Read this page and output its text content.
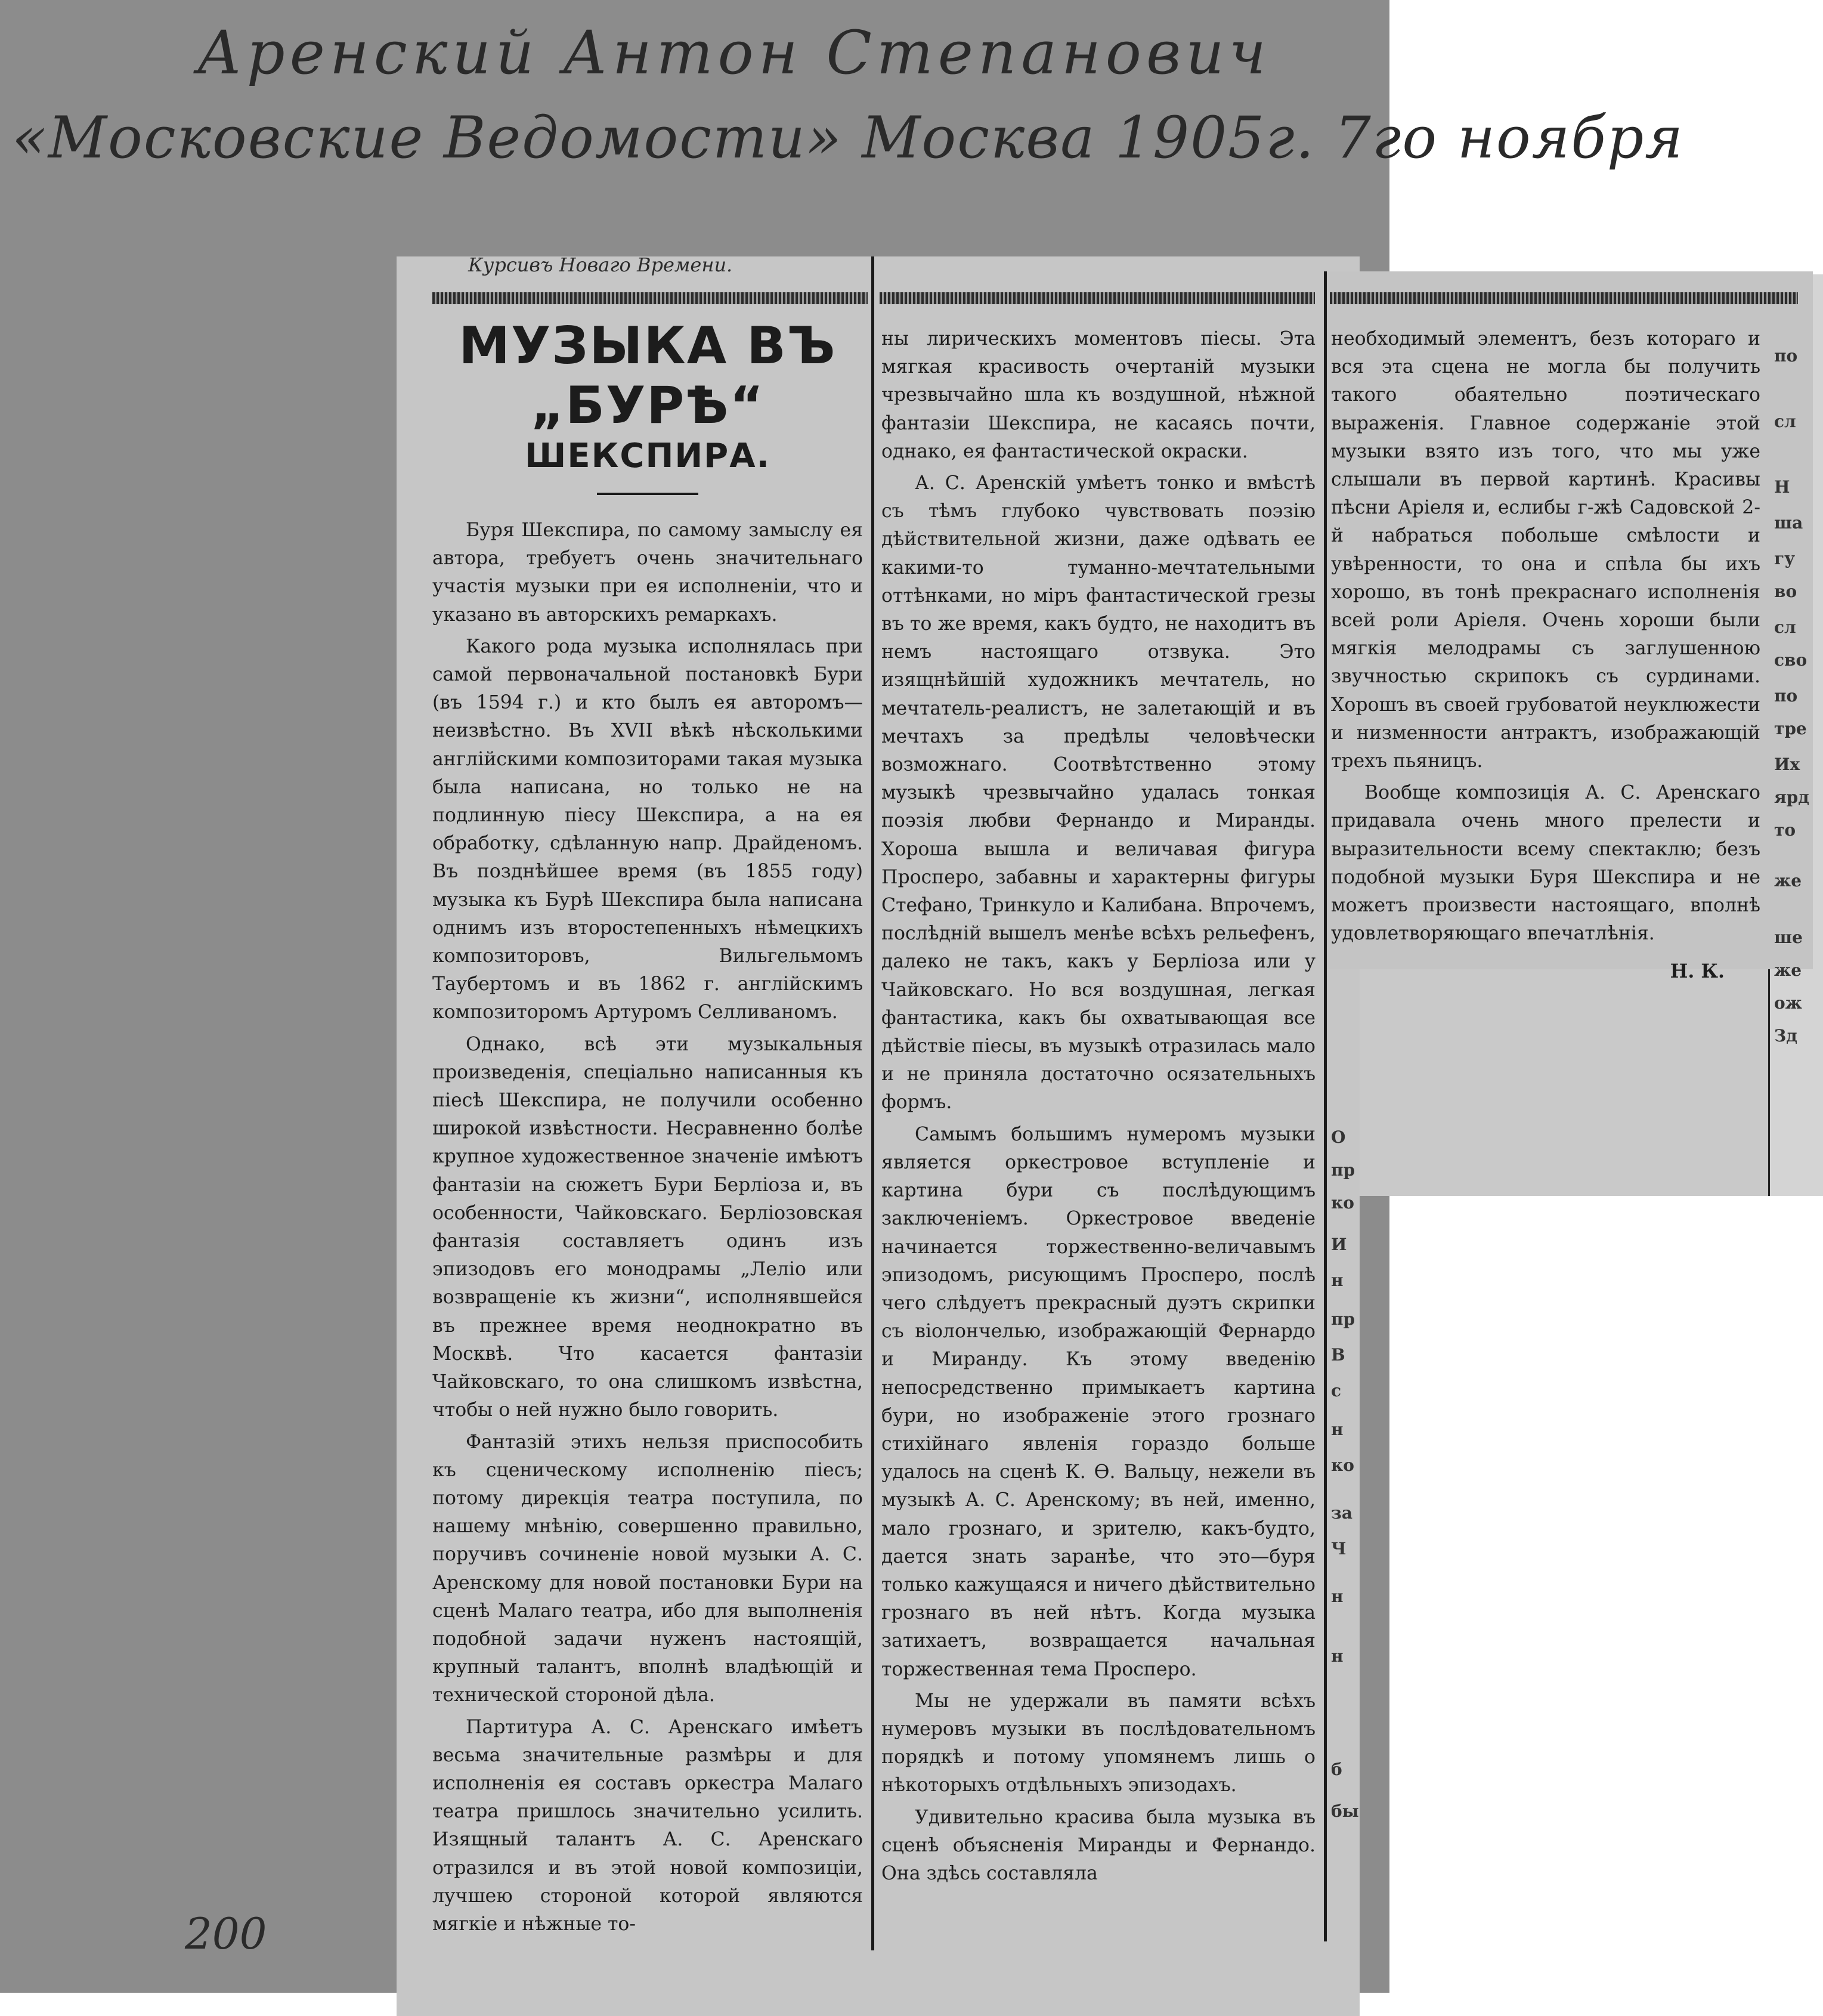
Аренский Антон Степанович
«Московские Ведомости» Москва 1905г. 7го ноября
200
Курсивъ Новаго Времени.
МУЗЫКА ВЪ „БУРѢ“
ШЕКСПИРА.

Буря Шекспира, по самому замыслу ея автора, требуетъ очень значительнаго участія музыки при ея исполненіи, что и указано въ авторскихъ ремаркахъ.

Какого рода музыка исполнялась при самой первоначальной постановкѣ Бури (въ 1594 г.) и кто былъ ея авторомъ—неизвѣстно. Въ XVII вѣкѣ нѣсколькими англійскими композиторами такая музыка была написана, но только не на подлинную піесу Шекспира, а на ея обработку, сдѣланную напр. Драйденомъ. Въ позднѣйшее время (въ 1855 году) музыка къ Бурѣ Шекспира была написана однимъ изъ второстепенныхъ нѣмецкихъ композиторовъ, Вильгельмомъ Таубертомъ и въ 1862 г. англійскимъ композиторомъ Артуромъ Селливаномъ.

Однако, всѣ эти музыкальныя произведенія, спеціально написанныя къ піесѣ Шекспира, не получили особенно широкой извѣстности. Несравненно болѣе крупное художественное значеніе имѣютъ фантазіи на сюжетъ Бури Берліоза и, въ особенности, Чайковскаго. Берліозовская фантазія составляетъ одинъ изъ эпизодовъ его монодрамы „Леліо или возвращеніе къ жизни“, исполнявшейся въ прежнее время неоднократно въ Москвѣ. Что касается фантазіи Чайковскаго, то она слишкомъ извѣстна, чтобы о ней нужно было говорить.

Фантазій этихъ нельзя приспособить къ сценическому исполненію піесъ; потому дирекція театра поступила, по нашему мнѣнію, совершенно правильно, поручивъ сочиненіе новой музыки А. С. Аренскому для новой постановки Бури на сценѣ Малаго театра, ибо для выполненія подобной задачи нуженъ настоящій, крупный талантъ, вполнѣ владѣющій и технической стороной дѣла.

Партитура А. С. Аренскаго имѣетъ весьма значительные размѣры и для исполненія ея составъ оркестра Малаго театра пришлось значительно усилить. Изящный талантъ А. С. Аренскаго отразился и въ этой новой композиціи, лучшею стороной которой являются мягкіе и нѣжные то-

ны лирическихъ моментовъ піесы. Эта мягкая красивость очертаній музыки чрезвычайно шла къ воздушной, нѣжной фантазіи Шекспира, не касаясь почти, однако, ея фантастической окраски.

А. С. Аренскій умѣетъ тонко и вмѣстѣ съ тѣмъ глубоко чувствовать поэзію дѣйствительной жизни, даже одѣвать ее какими-то туманно-мечтательными оттѣнками, но міръ фантастической грезы въ то же время, какъ будто, не находитъ въ немъ настоящаго отзвука. Это изящнѣйшій художникъ мечтатель, но мечтатель-реалистъ, не залетающій и въ мечтахъ за предѣлы человѣчески возможнаго. Соотвѣтственно этому музыкѣ чрезвычайно удалась тонкая поэзія любви Фернандо и Миранды. Хороша вышла и величавая фигура Просперо, забавны и характерны фигуры Стефано, Тринкуло и Калибана. Впрочемъ, послѣдній вышелъ менѣе всѣхъ рельефенъ, далеко не такъ, какъ у Берліоза или у Чайковскаго. Но вся воздушная, легкая фантастика, какъ бы охватывающая все дѣйствіе піесы, въ музыкѣ отразилась мало и не приняла достаточно осязательныхъ формъ.

Самымъ большимъ нумеромъ музыки является оркестровое вступленіе и картина бури съ послѣдующимъ заключеніемъ. Оркестровое введеніе начинается торжественно-величавымъ эпизодомъ, рисующимъ Просперо, послѣ чего слѣдуетъ прекрасный дуэтъ скрипки съ віолончелью, изображающій Фернардо и Миранду. Къ этому введенію непосредственно примыкаетъ картина бури, но изображеніе этого грознаго стихійнаго явленія гораздо больше удалось на сценѣ К. Ѳ. Вальцу, нежели въ музыкѣ А. С. Аренскому; въ ней, именно, мало грознаго, и зрителю, какъ-будто, дается знать заранѣе, что это—буря только кажущаяся и ничего дѣйствительно грознаго въ ней нѣтъ. Когда музыка затихаетъ, возвращается начальная торжественная тема Просперо.

Мы не удержали въ памяти всѣхъ нумеровъ музыки въ послѣдовательномъ порядкѣ и потому упомянемъ лишь о нѣкоторыхъ отдѣльныхъ эпизодахъ.

Удивительно красива была музыка въ сценѣ объясненія Миранды и Фернандо. Она здѣсь составляла

необходимый элементъ, безъ котораго и вся эта сцена не могла бы получить такого обаятельно поэтическаго выраженія. Главное содержаніе этой музыки взято изъ того, что мы уже слышали въ первой картинѣ. Красивы пѣсни Аріеля и, еслибы г-жѣ Садовской 2-й набраться побольше смѣлости и увѣренности, то она и спѣла бы ихъ хорошо, въ тонѣ прекраснаго исполненія всей роли Аріеля. Очень хороши были мягкія мелодрамы съ заглушенною звучностью скрипокъ съ сурдинами. Хорошъ въ своей грубоватой неуклюжести и низменности антрактъ, изображающій трехъ пьяницъ.

Вообще композиція А. С. Аренскаго придавала очень много прелести и выразительности всему спектаклю; безъ подобной музыки Буря Шекспира и не можетъ произвести настоящаго, вполнѣ удовлетворяющаго впечатлѣнія.

Н. К.
по
сл
Н
ша
гу
во
сл
сво
по
тре
Их
ярд
то
же
ше
же
ож
Зд
О
пр
ко
И
н
пр
В
с
н
ко
за
Ч
н
н
б
бы
